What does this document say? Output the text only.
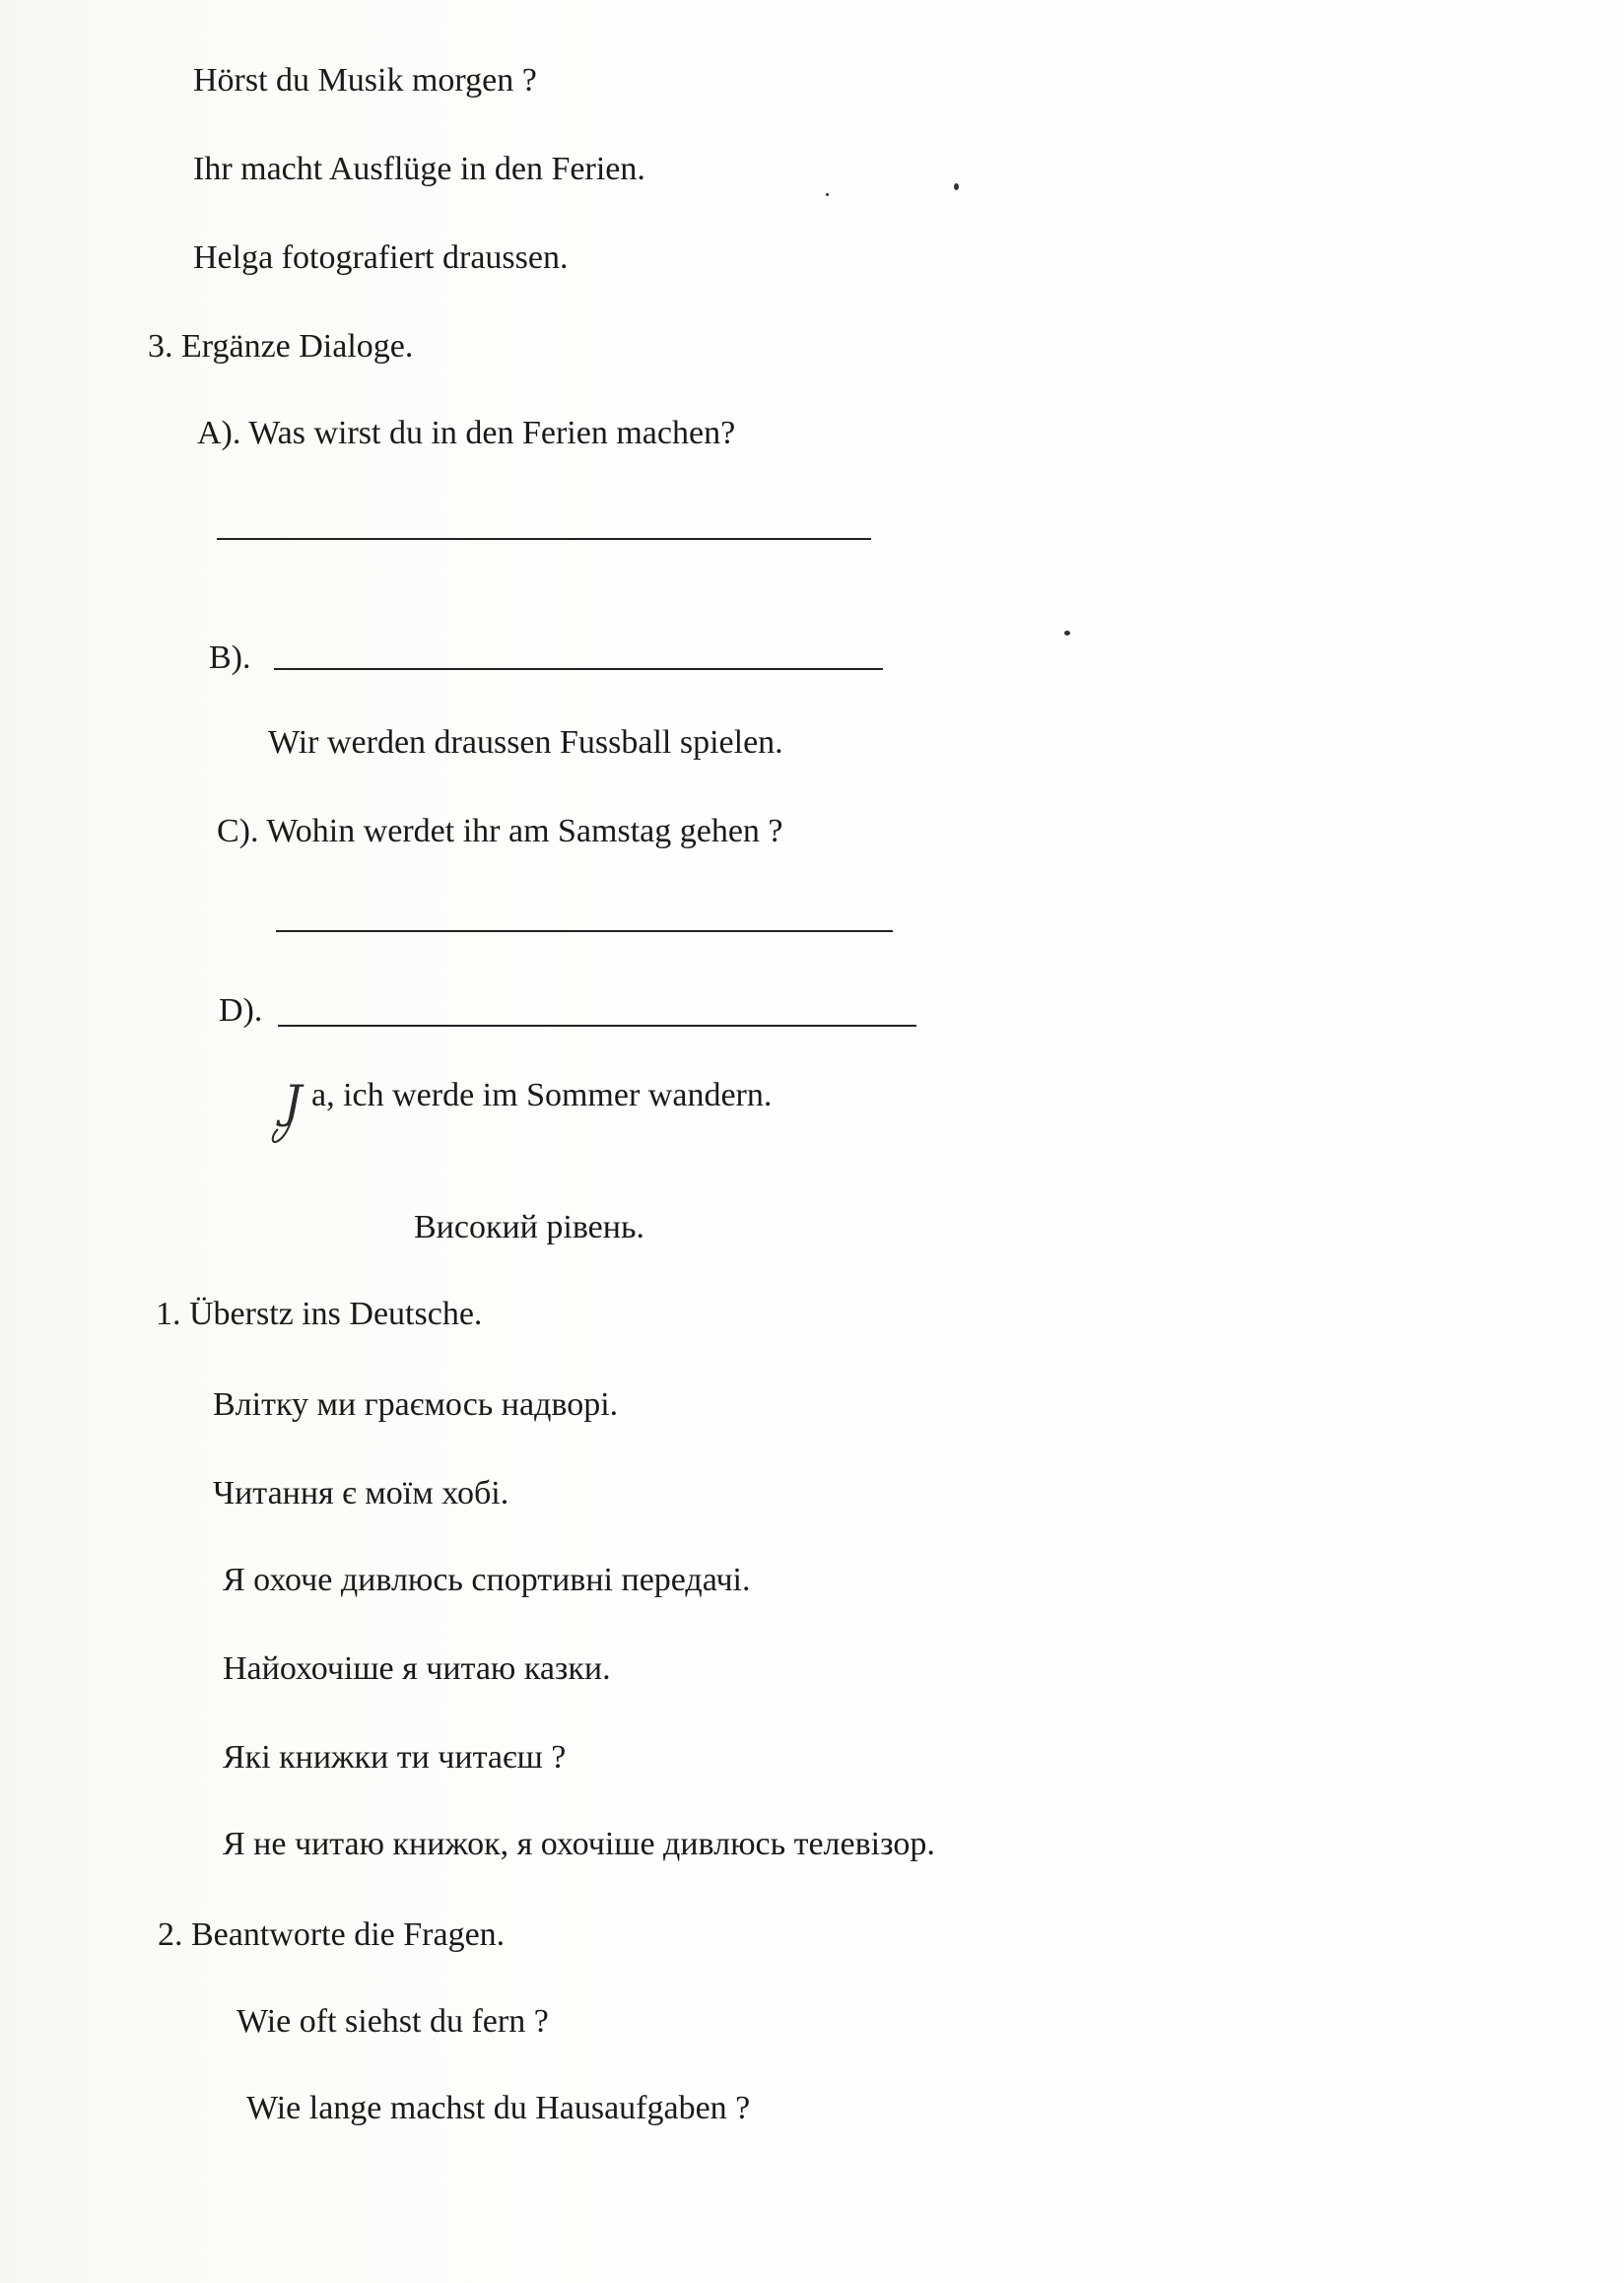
Hörst du Musik morgen ?
Ihr macht Ausflüge in den Ferien.
Helga fotografiert draussen.
3. Ergänze Dialoge.
A). Was wirst du in den Ferien machen?
B).
Wir werden draussen Fussball spielen.
C). Wohin werdet ihr am Samstag gehen ?
D).
J a, ich werde im Sommer wandern.
Високий рівень.
1. Überstz ins Deutsche.
Влітку ми граємось надворі.
Читання є моїм хобі.
Я охоче дивлюсь спортивні передачі.
Найохочіше я читаю казки.
Які книжки ти читаєш ?
Я не читаю книжок, я охочіше дивлюсь телевізор.
2. Beantworte die Fragen.
Wie oft siehst du fern ?
Wie lange machst du Hausaufgaben ?
